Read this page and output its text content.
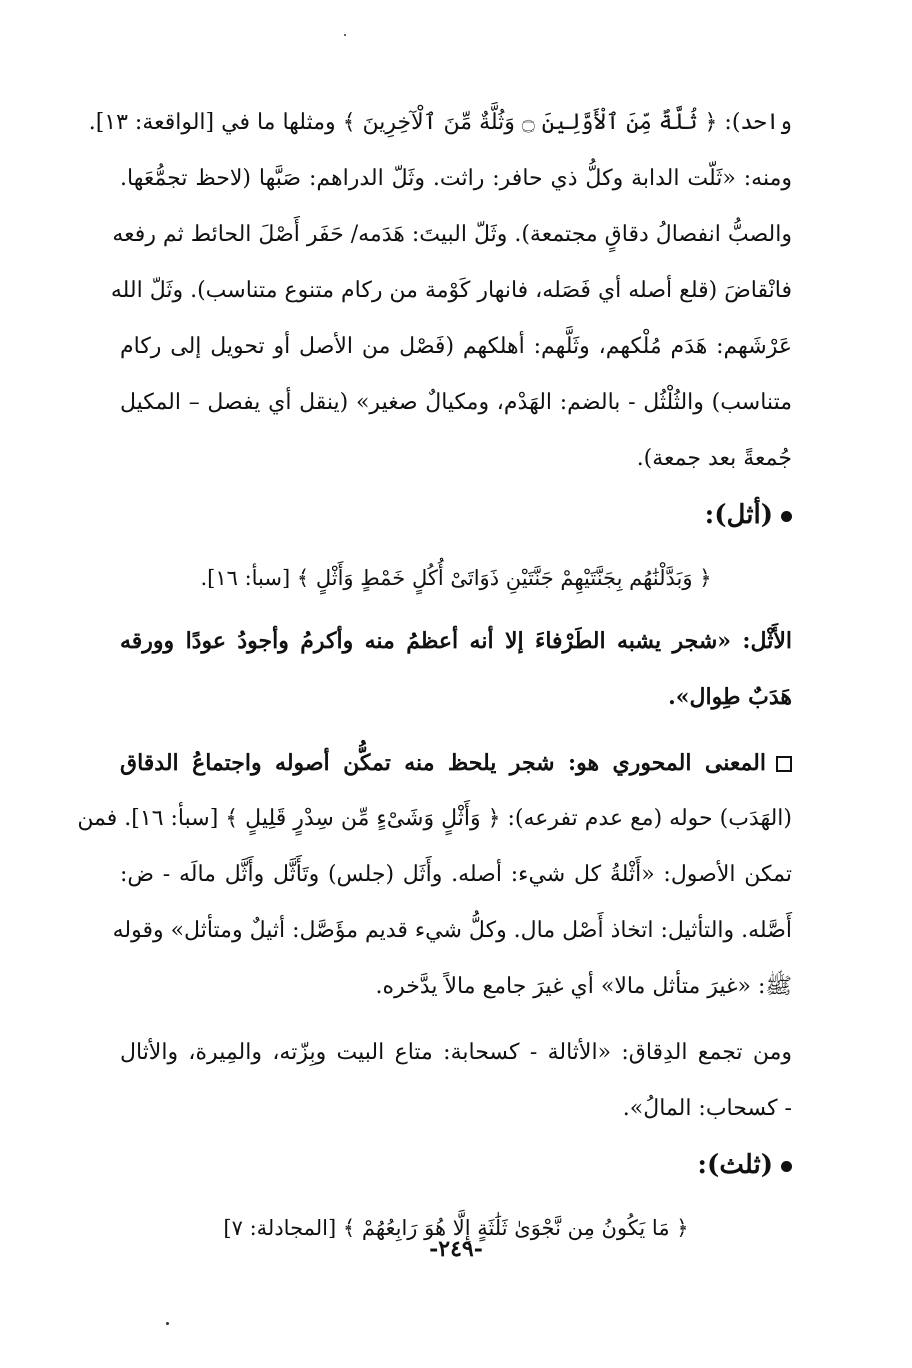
واحد): ﴿ ثُلَّةٌ مِّنَ ٱلْأَوَّلِينَ ۝ وَثُلَّةٌ مِّنَ ٱلْآخِرِينَ ﴾ ومثلها ما في [الواقعة: ١٣].
ومنه: «ثَلّت الدابة وكلُّ ذي حافر: راثت. وثَلّ الدراهم: صَبَّها (لاحظ تجمُّعَها.
والصبُّ انفصالُ دقاقٍ مجتمعة). وثَلّ البيتَ: هَدَمه/ حَفَر أَصْلَ الحائط ثم رفعه
فانْقاضَ (قلع أصله أي فَصَله، فانهار كَوْمة من ركام متنوع متناسب). وثَلّ الله
عَرْشَهم: هَدَم مُلْكهم، وثَلَّهم: أهلكهم (فَصْل من الأصل أو تحويل إلى ركام
متناسب) والثُلْثُل - بالضم: الهَدْم، ومكيالٌ صغير» (ينقل أي يفصل – المكيل
جُمعةً بعد جمعة).
(أثل):
﴿ وَبَدَّلْنَٰهُم بِجَنَّتَيْهِمْ جَنَّتَيْنِ ذَوَاتَىْ أُكُلٍ خَمْطٍ وَأَثْلٍ ﴾ [سبأ: ١٦].
الأَثْل: «شجر يشبه الطَرْفاءَ إلا أنه أعظمُ منه وأكرمُ وأجودُ عودًا وورقه
هَدَبٌ طِوال».
المعنى المحوري هو: شجر يلحظ منه تمكُّن أصوله واجتماعُ الدقاق
(الهَدَب) حوله (مع عدم تفرعه): ﴿ وَأَثْلٍ وَشَىْءٍ مِّن سِدْرٍ قَلِيلٍ ﴾ [سبأ: ١٦]. فمن
تمكن الأصول: «أَثْلةُ كل شيء: أصله. وأَثَل (جلس) وتَأَثَّل وأَثَّل مالَه - ض:
أَصَّله. والتأثيل: اتخاذ أَصْل مال. وكلُّ شيء قديم مؤَصَّل: أثيلٌ ومتأثل» وقوله
ﷺ: «غيرَ متأثل مالا» أي غيرَ جامع مالاً يدَّخره.
ومن تجمع الدِقاق: «الأثالة - كسحابة: متاع البيت وبِزّته، والمِيرة، والأثال
- كسحاب: المالُ».
(ثلث):
﴿ مَا يَكُونُ مِن نَّجْوَىٰ ثَلَٰثَةٍ إِلَّا هُوَ رَابِعُهُمْ ﴾ [المجادلة: ٧]
-٢٤٩-
